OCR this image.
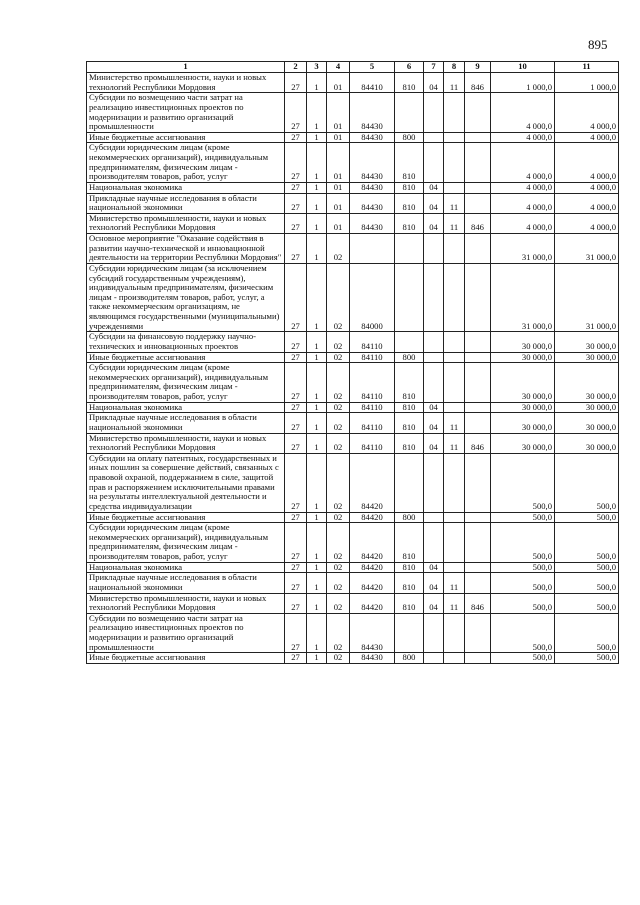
895
1	2	3	4	5	6	7	8	9	10	11
Министерство промышленности, науки и новых технологий Республики Мордовия	27	1	01	84410	810	04	11	846	1 000,0	1 000,0
Субсидии по возмещению части затрат на реализацию инвестиционных проектов по модернизации и развитию организаций промышленности	27	1	01	84430					4 000,0	4 000,0
Иные бюджетные ассигнования	27	1	01	84430	800				4 000,0	4 000,0
Субсидии юридическим лицам (кроме некоммерческих организаций), индивидуальным предпринимателям, физическим лицам - производителям товаров, работ, услуг	27	1	01	84430	810				4 000,0	4 000,0
Национальная экономика	27	1	01	84430	810	04			4 000,0	4 000,0
Прикладные научные исследования в области национальной экономики	27	1	01	84430	810	04	11		4 000,0	4 000,0
Министерство промышленности, науки и новых технологий Республики Мордовия	27	1	01	84430	810	04	11	846	4 000,0	4 000,0
Основное мероприятие "Оказание содействия в развитии научно-технической и инновационной деятельности на территории Республики Мордовия"	27	1	02						31 000,0	31 000,0
Субсидии юридическим лицам (за исключением субсидий государственным учреждениям), индивидуальным предпринимателям, физическим лицам - производителям товаров, работ, услуг, а также некоммерческим организациям, не являющимся государственными (муниципальными) учреждениями	27	1	02	84000					31 000,0	31 000,0
Субсидии на финансовую поддержку научно-технических и инновационных проектов	27	1	02	84110					30 000,0	30 000,0
Иные бюджетные ассигнования	27	1	02	84110	800				30 000,0	30 000,0
Субсидии юридическим лицам (кроме некоммерческих организаций), индивидуальным предпринимателям, физическим лицам - производителям товаров, работ, услуг	27	1	02	84110	810				30 000,0	30 000,0
Национальная экономика	27	1	02	84110	810	04			30 000,0	30 000,0
Прикладные научные исследования в области национальной экономики	27	1	02	84110	810	04	11		30 000,0	30 000,0
Министерство промышленности, науки и новых технологий Республики Мордовия	27	1	02	84110	810	04	11	846	30 000,0	30 000,0
Субсидии на оплату патентных, государственных и иных пошлин за совершение действий, связанных с правовой охраной, поддержанием в силе, защитой прав и распоряжением исключительными правами на результаты интеллектуальной деятельности и средства индивидуализации	27	1	02	84420					500,0	500,0
Иные бюджетные ассигнования	27	1	02	84420	800				500,0	500,0
Субсидии юридическим лицам (кроме некоммерческих организаций), индивидуальным предпринимателям, физическим лицам - производителям товаров, работ, услуг	27	1	02	84420	810				500,0	500,0
Национальная экономика	27	1	02	84420	810	04			500,0	500,0
Прикладные научные исследования в области национальной экономики	27	1	02	84420	810	04	11		500,0	500,0
Министерство промышленности, науки и новых технологий Республики Мордовия	27	1	02	84420	810	04	11	846	500,0	500,0
Субсидии по возмещению части затрат на реализацию инвестиционных проектов по модернизации и развитию организаций промышленности	27	1	02	84430					500,0	500,0
Иные бюджетные ассигнования	27	1	02	84430	800				500,0	500,0
